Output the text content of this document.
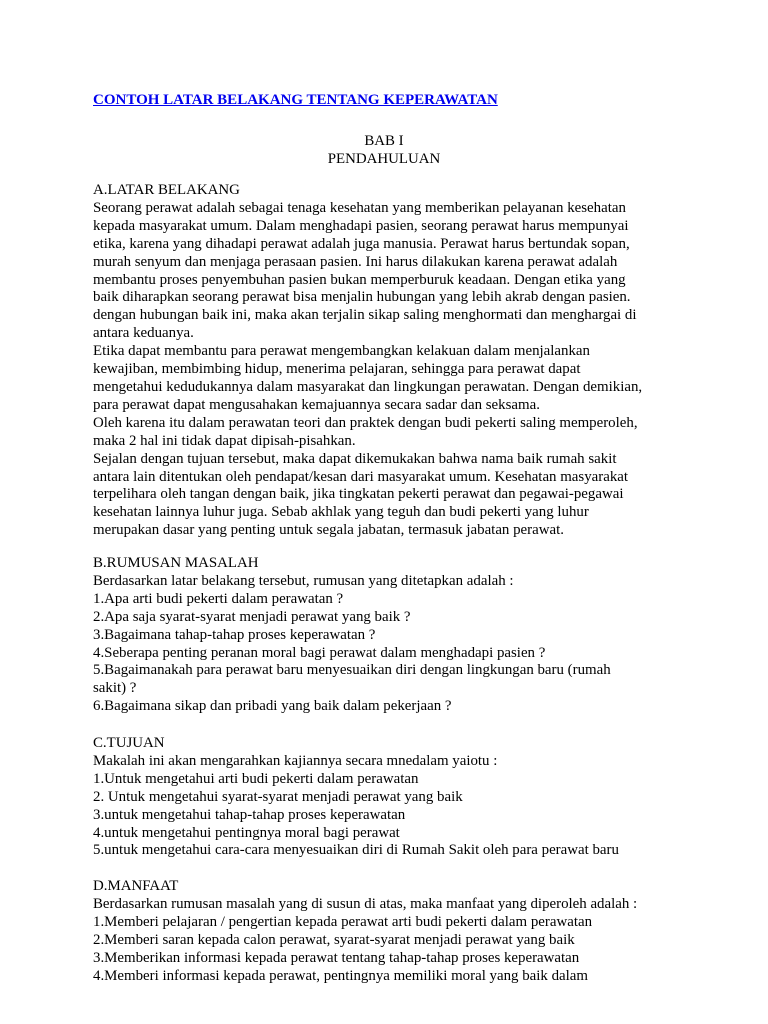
CONTOH LATAR BELAKANG TENTANG KEPERAWATAN
BAB I
PENDAHULUAN
A.LATAR BELAKANG
Seorang perawat adalah sebagai tenaga kesehatan yang memberikan pelayanan kesehatan
kepada masyarakat umum. Dalam menghadapi pasien, seorang perawat harus mempunyai
etika, karena yang dihadapi perawat adalah juga manusia. Perawat harus bertundak sopan,
murah senyum dan menjaga perasaan pasien. Ini harus dilakukan karena perawat adalah
membantu proses penyembuhan pasien bukan memperburuk keadaan. Dengan etika yang
baik diharapkan seorang perawat bisa menjalin hubungan yang lebih akrab dengan pasien.
dengan hubungan baik ini, maka akan terjalin sikap saling menghormati dan menghargai di
antara keduanya.
Etika dapat membantu para perawat mengembangkan kelakuan dalam menjalankan
kewajiban, membimbing hidup, menerima pelajaran, sehingga para perawat dapat
mengetahui kedudukannya dalam masyarakat dan lingkungan perawatan. Dengan demikian,
para perawat dapat mengusahakan kemajuannya secara sadar dan seksama.
Oleh karena itu dalam perawatan teori dan praktek dengan budi pekerti saling memperoleh,
maka 2 hal ini tidak dapat dipisah-pisahkan.
Sejalan dengan tujuan tersebut, maka dapat dikemukakan bahwa nama baik rumah sakit
antara lain ditentukan oleh pendapat/kesan dari masyarakat umum. Kesehatan masyarakat
terpelihara oleh tangan dengan baik, jika tingkatan pekerti perawat dan pegawai-pegawai
kesehatan lainnya luhur juga. Sebab akhlak yang teguh dan budi pekerti yang luhur
merupakan dasar yang penting untuk segala jabatan, termasuk jabatan perawat.
B.RUMUSAN MASALAH
Berdasarkan latar belakang tersebut, rumusan yang ditetapkan adalah :
1.Apa arti budi pekerti dalam perawatan ?
2.Apa saja syarat-syarat menjadi perawat yang baik ?
3.Bagaimana tahap-tahap proses keperawatan ?
4.Seberapa penting peranan moral bagi perawat dalam menghadapi pasien ?
5.Bagaimanakah para perawat baru menyesuaikan diri dengan lingkungan baru (rumah
sakit) ?
6.Bagaimana sikap dan pribadi yang baik dalam pekerjaan ?
C.TUJUAN
Makalah ini akan mengarahkan kajiannya secara mnedalam yaiotu :
1.Untuk mengetahui arti budi pekerti dalam perawatan
2. Untuk mengetahui syarat-syarat menjadi perawat yang baik
3.untuk mengetahui tahap-tahap proses keperawatan
4.untuk mengetahui pentingnya moral bagi perawat
5.untuk mengetahui cara-cara menyesuaikan diri di Rumah Sakit oleh para perawat baru
D.MANFAAT
Berdasarkan rumusan masalah yang di susun di atas, maka manfaat yang diperoleh adalah :
1.Memberi pelajaran / pengertian kepada perawat arti budi pekerti dalam perawatan
2.Memberi saran kepada calon perawat, syarat-syarat menjadi perawat yang baik
3.Memberikan informasi kepada perawat tentang tahap-tahap proses keperawatan
4.Memberi informasi kepada perawat, pentingnya memiliki moral yang baik dalam
